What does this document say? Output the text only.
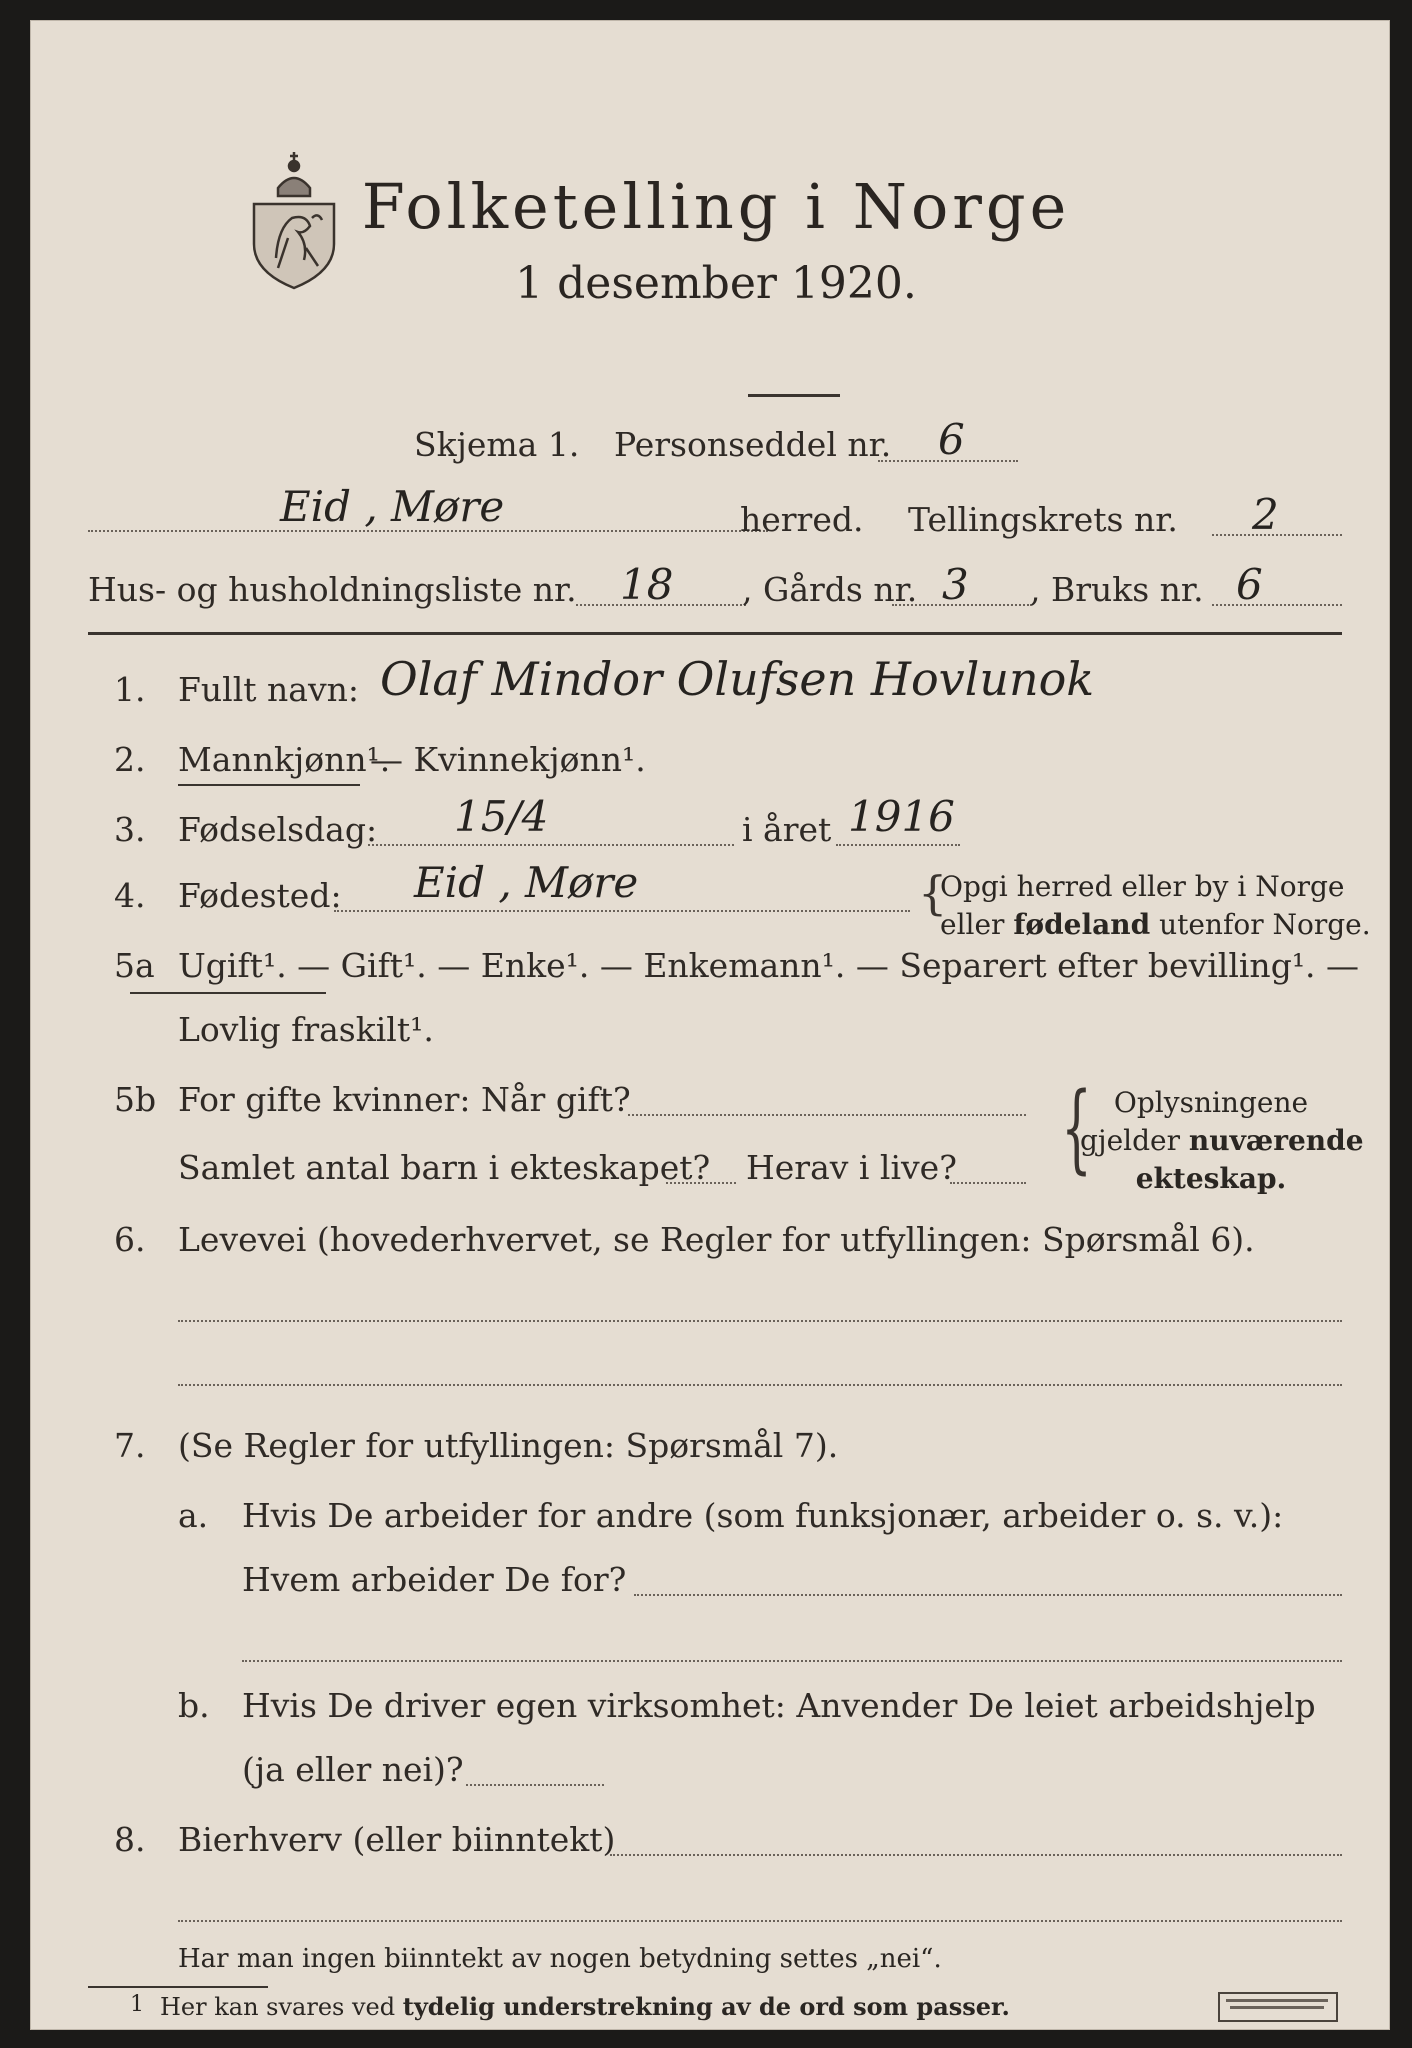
Folketelling i Norge
1 desember 1920.
Skjema 1. Personseddel nr. 6
Eid , Møre	herred. Tellingskrets nr. 2
Hus- og husholdningsliste nr. 18 , Gårds nr. 3 , Bruks nr. 6
1. Fullt navn: Olaf Mindor Olufsen Hovlunok
2. Mannkjønn¹.
— Kvinnekjønn¹.
3. Fødselsdag: 15/4	i året 1916
4. Fødested: Eid , Møre	{
Opgi herred eller by i Norge
eller fødeland utenfor Norge.
5a Ugift¹. — Gift¹. — Enke¹. — Enkemann¹. — Separert efter bevilling¹. —
Lovlig fraskilt¹.
5b For gifte kvinner: Når gift?
Samlet antal barn i ekteskapet? Herav i live? { Oplysningene
gjelder nuværende
ekteskap.
6. Levevei (hovederhvervet, se Regler for utfyllingen: Spørsmål 6).
7. (Se Regler for utfyllingen: Spørsmål 7).
a. Hvis De arbeider for andre (som funksjonær, arbeider o. s. v.):
Hvem arbeider De for?
b. Hvis De driver egen virksomhet: Anvender De leiet arbeidshjelp
(ja eller nei)?
8. Bierhverv (eller biinntekt)
Har man ingen biinntekt av nogen betydning settes „nei“.
1 Her kan svares ved tydelig understrekning av de ord som passer.
